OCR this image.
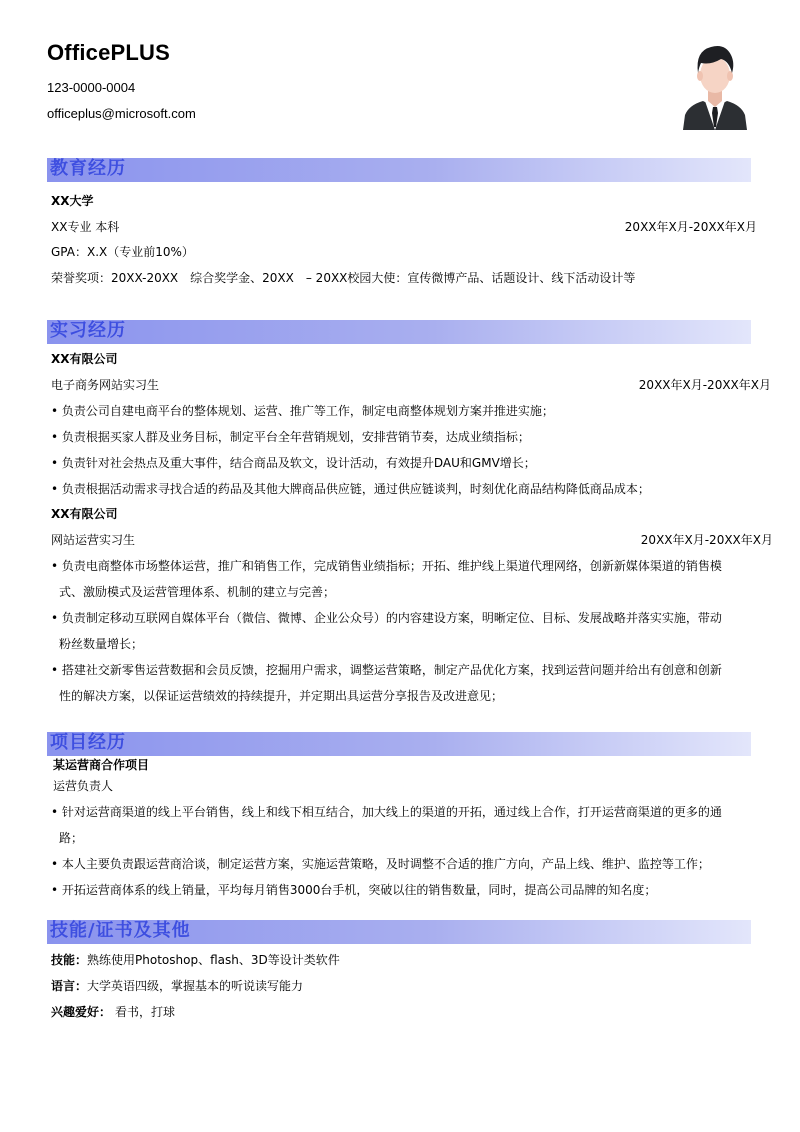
OfficePLUS
123-0000-0004
officeplus@microsoft.com
教育经历
XX大学
XX专业 本科	20XX年X月-20XX年X月
GPA：X.X（专业前10%）
荣誉奖项：20XX-20XX　综合奖学金、20XX　– 20XX校园大使：宣传微博产品、话题设计、线下活动设计等
实习经历
XX有限公司
电子商务网站实习生	20XX年X月-20XX年X月
• 负责公司自建电商平台的整体规划、运营、推广等工作，制定电商整体规划方案并推进实施；
• 负责根据买家人群及业务目标，制定平台全年营销规划，安排营销节奏，达成业绩指标；
• 负责针对社会热点及重大事件，结合商品及软文，设计活动，有效提升DAU和GMV增长；
• 负责根据活动需求寻找合适的药品及其他大牌商品供应链，通过供应链谈判，时刻优化商品结构降低商品成本；
XX有限公司
网站运营实习生	20XX年X月-20XX年X月
• 负责电商整体市场整体运营，推广和销售工作，完成销售业绩指标；开拓、维护线上渠道代理网络，创新新媒体渠道的销售模
式、激励模式及运营管理体系、机制的建立与完善；
• 负责制定移动互联网自媒体平台（微信、微博、企业公众号）的内容建设方案，明晰定位、目标、发展战略并落实实施，带动
粉丝数量增长；
• 搭建社交新零售运营数据和会员反馈，挖掘用户需求，调整运营策略，制定产品优化方案，找到运营问题并给出有创意和创新
性的解决方案，以保证运营绩效的持续提升，并定期出具运营分享报告及改进意见；
项目经历
某运营商合作项目
运营负责人
• 针对运营商渠道的线上平台销售，线上和线下相互结合，加大线上的渠道的开拓，通过线上合作，打开运营商渠道的更多的通
路；
• 本人主要负责跟运营商洽谈，制定运营方案，实施运营策略，及时调整不合适的推广方向，产品上线、维护、监控等工作；
• 开拓运营商体系的线上销量，平均每月销售3000台手机，突破以往的销售数量，同时，提高公司品牌的知名度；
技能/证书及其他
技能：熟练使用Photoshop、flash、3D等设计类软件
语言：大学英语四级，掌握基本的听说读写能力
兴趣爱好： 看书，打球
